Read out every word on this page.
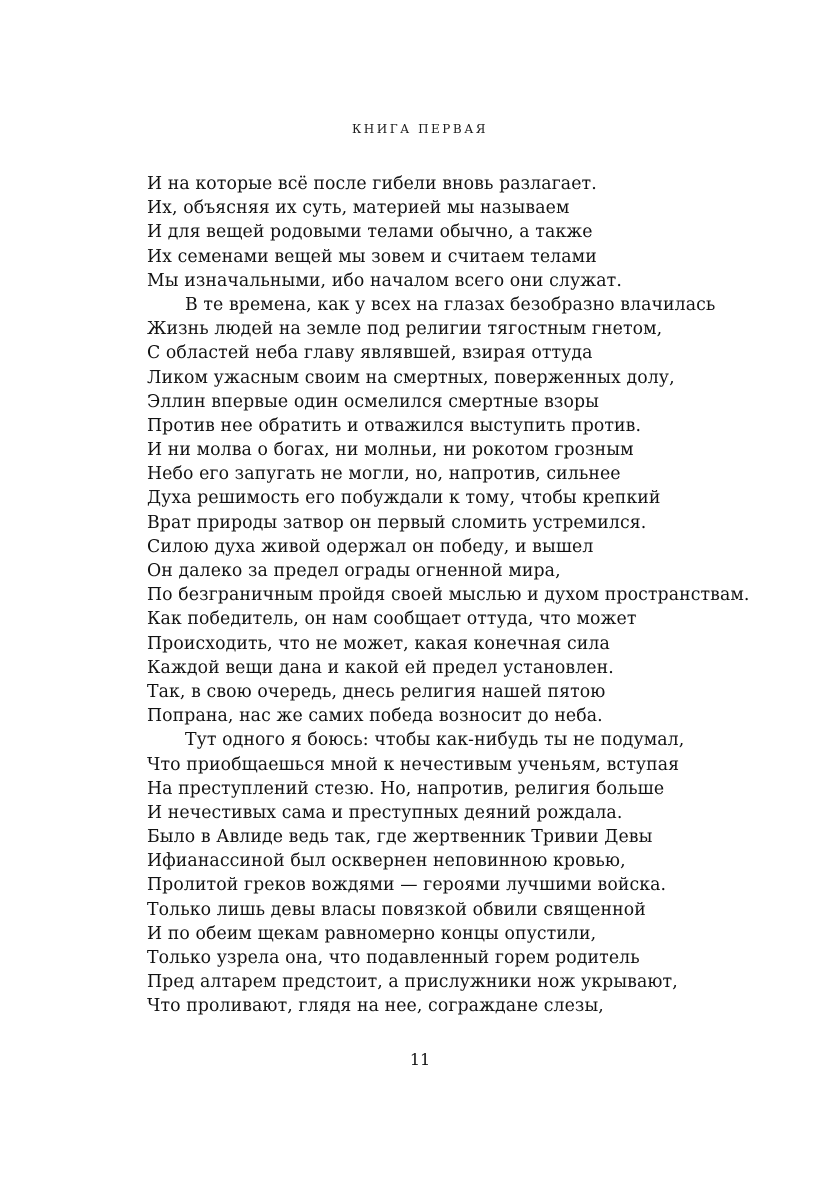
КНИГА ПЕРВАЯ
И на которые всё после гибели вновь разлагает.
Их, объясняя их суть, материей мы называем
И для вещей родовыми телами обычно, а также
Их семенами вещей мы зовем и считаем телами
Мы изначальными, ибо началом всего они служат.
В те времена, как у всех на глазах безобразно влачилась
Жизнь людей на земле под религии тягостным гнетом,
С областей неба главу являвшей, взирая оттуда
Ликом ужасным своим на смертных, поверженных долу,
Эллин впервые один осмелился смертные взоры
Против нее обратить и отважился выступить против.
И ни молва о богах, ни молньи, ни рокотом грозным
Небо его запугать не могли, но, напротив, сильнее
Духа решимость его побуждали к тому, чтобы крепкий
Врат природы затвор он первый сломить устремился.
Силою духа живой одержал он победу, и вышел
Он далеко за предел ограды огненной мира,
По безграничным пройдя своей мыслью и духом пространствам.
Как победитель, он нам сообщает оттуда, что может
Происходить, что не может, какая конечная сила
Каждой вещи дана и какой ей предел установлен.
Так, в свою очередь, днесь религия нашей пятою
Попрана, нас же самих победа возносит до неба.
Тут одного я боюсь: чтобы как-нибудь ты не подумал,
Что приобщаешься мной к нечестивым ученьям, вступая
На преступлений стезю. Но, напротив, религия больше
И нечестивых сама и преступных деяний рождала.
Было в Авлиде ведь так, где жертвенник Тривии Девы
Ифианассиной был осквернен неповинною кровью,
Пролитой греков вождями — героями лучшими войска.
Только лишь девы власы повязкой обвили священной
И по обеим щекам равномерно концы опустили,
Только узрела она, что подавленный горем родитель
Пред алтарем предстоит, а прислужники нож укрывают,
Что проливают, глядя на нее, сограждане слезы,
11
